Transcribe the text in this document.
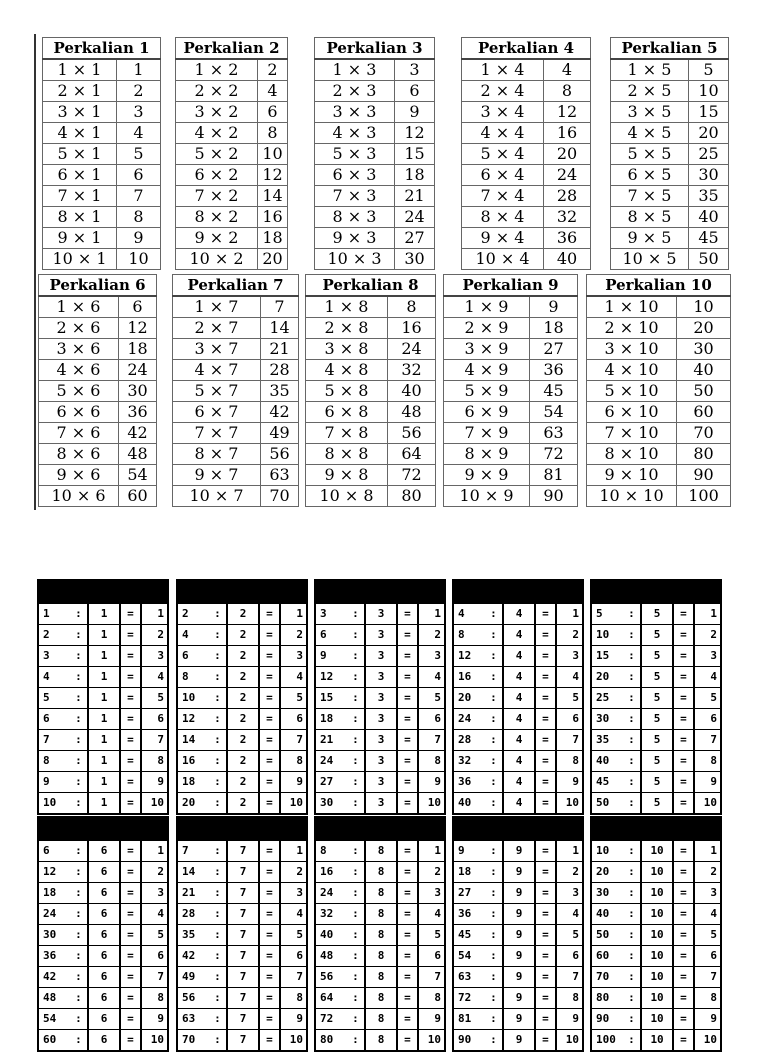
Perkalian 1	
1 × 1	1
2 × 1	2
3 × 1	3
4 × 1	4
5 × 1	5
6 × 1	6
7 × 1	7
8 × 1	8
9 × 1	9
10 × 1	10
Perkalian 2	
1 × 2	2
2 × 2	4
3 × 2	6
4 × 2	8
5 × 2	10
6 × 2	12
7 × 2	14
8 × 2	16
9 × 2	18
10 × 2	20
Perkalian 3	
1 × 3	3
2 × 3	6
3 × 3	9
4 × 3	12
5 × 3	15
6 × 3	18
7 × 3	21
8 × 3	24
9 × 3	27
10 × 3	30
Perkalian 4	
1 × 4	4
2 × 4	8
3 × 4	12
4 × 4	16
5 × 4	20
6 × 4	24
7 × 4	28
8 × 4	32
9 × 4	36
10 × 4	40
Perkalian 5	
1 × 5	5
2 × 5	10
3 × 5	15
4 × 5	20
5 × 5	25
6 × 5	30
7 × 5	35
8 × 5	40
9 × 5	45
10 × 5	50
Perkalian 6	
1 × 6	6
2 × 6	12
3 × 6	18
4 × 6	24
5 × 6	30
6 × 6	36
7 × 6	42
8 × 6	48
9 × 6	54
10 × 6	60
Perkalian 7	
1 × 7	7
2 × 7	14
3 × 7	21
4 × 7	28
5 × 7	35
6 × 7	42
7 × 7	49
8 × 7	56
9 × 7	63
10 × 7	70
Perkalian 8	
1 × 8	8
2 × 8	16
3 × 8	24
4 × 8	32
5 × 8	40
6 × 8	48
7 × 8	56
8 × 8	64
9 × 8	72
10 × 8	80
Perkalian 9	
1 × 9	9
2 × 9	18
3 × 9	27
4 × 9	36
5 × 9	45
6 × 9	54
7 × 9	63
8 × 9	72
9 × 9	81
10 × 9	90
Perkalian 10	
1 × 10	10
2 × 10	20
3 × 10	30
4 × 10	40
5 × 10	50
6 × 10	60
7 × 10	70
8 × 10	80
9 × 10	90
10 × 10	100

1	:	1	=	1
2	:	1	=	2
3	:	1	=	3
4	:	1	=	4
5	:	1	=	5
6	:	1	=	6
7	:	1	=	7
8	:	1	=	8
9	:	1	=	9
10	:	1	=	10

2	:	2	=	1
4	:	2	=	2
6	:	2	=	3
8	:	2	=	4
10	:	2	=	5
12	:	2	=	6
14	:	2	=	7
16	:	2	=	8
18	:	2	=	9
20	:	2	=	10

3	:	3	=	1
6	:	3	=	2
9	:	3	=	3
12	:	3	=	4
15	:	3	=	5
18	:	3	=	6
21	:	3	=	7
24	:	3	=	8
27	:	3	=	9
30	:	3	=	10

4	:	4	=	1
8	:	4	=	2
12	:	4	=	3
16	:	4	=	4
20	:	4	=	5
24	:	4	=	6
28	:	4	=	7
32	:	4	=	8
36	:	4	=	9
40	:	4	=	10

5	:	5	=	1
10	:	5	=	2
15	:	5	=	3
20	:	5	=	4
25	:	5	=	5
30	:	5	=	6
35	:	5	=	7
40	:	5	=	8
45	:	5	=	9
50	:	5	=	10

6	:	6	=	1
12	:	6	=	2
18	:	6	=	3
24	:	6	=	4
30	:	6	=	5
36	:	6	=	6
42	:	6	=	7
48	:	6	=	8
54	:	6	=	9
60	:	6	=	10

7	:	7	=	1
14	:	7	=	2
21	:	7	=	3
28	:	7	=	4
35	:	7	=	5
42	:	7	=	6
49	:	7	=	7
56	:	7	=	8
63	:	7	=	9
70	:	7	=	10

8	:	8	=	1
16	:	8	=	2
24	:	8	=	3
32	:	8	=	4
40	:	8	=	5
48	:	8	=	6
56	:	8	=	7
64	:	8	=	8
72	:	8	=	9
80	:	8	=	10

9	:	9	=	1
18	:	9	=	2
27	:	9	=	3
36	:	9	=	4
45	:	9	=	5
54	:	9	=	6
63	:	9	=	7
72	:	9	=	8
81	:	9	=	9
90	:	9	=	10

10	:	10	=	1
20	:	10	=	2
30	:	10	=	3
40	:	10	=	4
50	:	10	=	5
60	:	10	=	6
70	:	10	=	7
80	:	10	=	8
90	:	10	=	9
100	:	10	=	10
